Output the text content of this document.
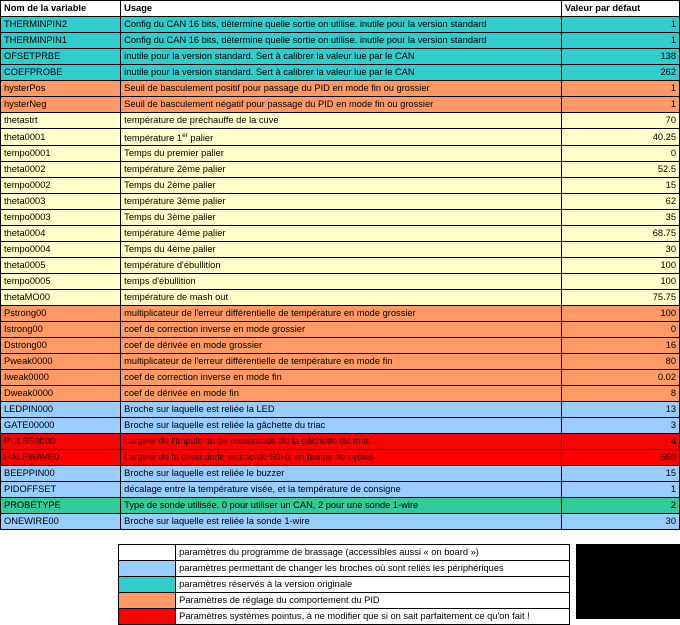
Nom de la variable	Usage	Valeur par défaut
THERMINPIN2	Config du CAN 16 bits, détermine quelle sortie on utilise. inutile pour la version standard	1
THERMINPIN1	Config du CAN 16 bits, détermine quelle sortie on utilise. inutile pour la version standard	1
OFSETPRBE	inutile pour la version standard. Sert à calibrer la valeur lue par le CAN	138
COEFPROBE	inutile pour la version standard. Sert à calibrer la valeur lue par le CAN	262
hysterPos	Seuil de basculement positif pour passage du PID en mode fin ou grossier	1
hysterNeg	Seuil de basculement négatif pour passage du PID en mode fin ou grossier	1
thetastrt	température de préchauffe de la cuve	70
theta0001	température 1er palier	40.25
tempo0001	Temps du premier palier	0
theta0002	température 2ème palier	52.5
tempo0002	Temps du 2ème palier	15
theta0003	température 3ème palier	62
tempo0003	Temps du 3ème palier	35
theta0004	température 4ème palier	68.75
tempo0004	Temps du 4ème palier	30
theta0005	température d'ébullition	100
tempo0005	temps d'ébullition	100
thetaMO00	température de mash out	75.75
Pstrong00	multiplicateur de l'erreur différentielle de température en mode grossier	100
Istrong00	coef de correction inverse en mode grossier	0
Dstrong00	coef de dérivée en mode grossier	16
Pweak0000	multiplicateur de l'erreur différentielle de température en mode fin	80
Iweak0000	coef de correction inverse en mode fin	0.02
Dweak0000	coef de dérivée en mode fin	8
LEDPIN000	Broche sur laquelle est reliée la LED	13
GATE00000	Broche sur laquelle est reliée la gâchette du triac	3
PULSE0000	Largeur de l'impulsion de commande de la gâchette du triac	4
HALFWAVE0	Largeur de la demi onde sinusoïde 50Hz en temps de cycles	560
BEEPPIN00	Broche sur laquelle est reliée le buzzer	15
PIDOFFSET	décalage entre la température visée, et la température de consigne	1
PROBETYPE	Type de sonde utilisée. 0 pour utiliser un CAN, 2 pour une sonde 1-wire	2
ONEWIRE00	Broche sur laquelle est reliée la sonde 1-wire	30
	paramètres du programme de brassage (accessibles aussi « on board »)
	paramètres permettant de changer les broches où sont reliés les périphériques
	paramètres réservés à la version originale
	Paramètres de réglage du comportement du PID
	Paramètres systèmes pointus, à ne modifier que si on sait parfaitement ce qu'on fait !
